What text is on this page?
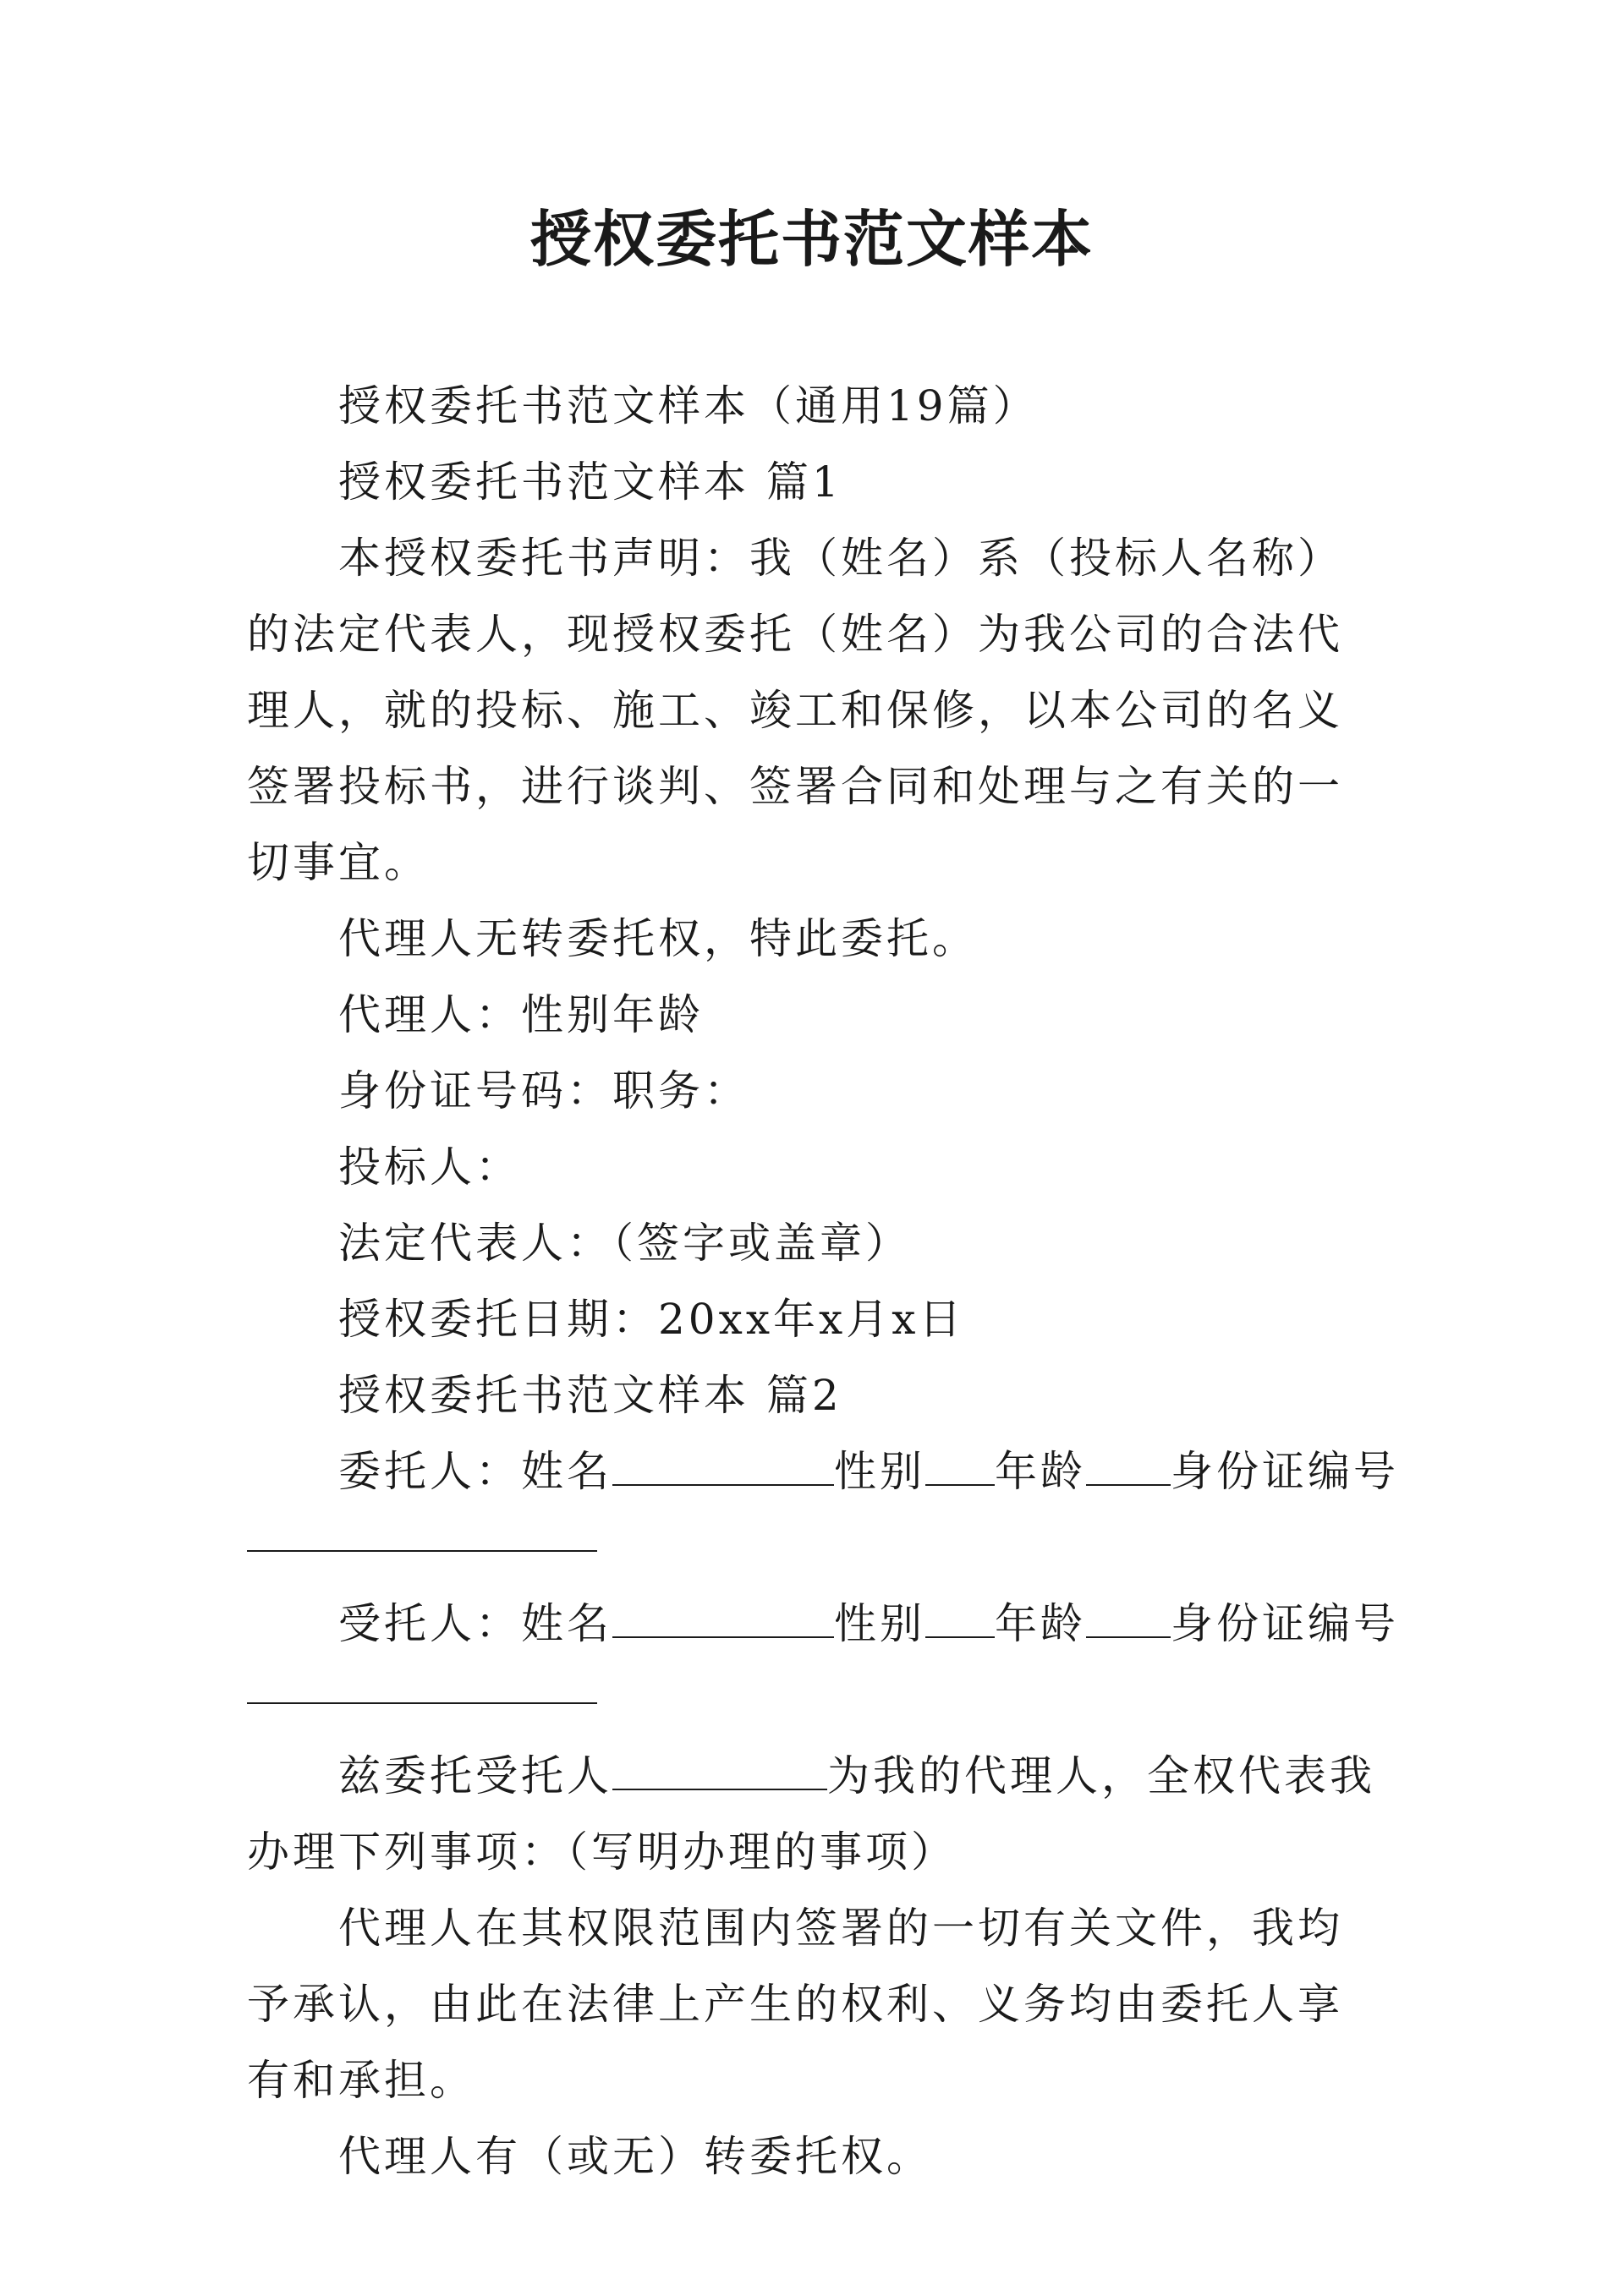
授权委托书范文样本

授权委托书范文样本（通用19篇）

授权委托书范文样本 篇1

本授权委托书声明：我（姓名）系（投标人名称）的法定代表人，现授权委托（姓名）为我公司的合法代理人，就的投标、施工、竣工和保修，以本公司的名义签署投标书，进行谈判、签署合同和处理与之有关的一切事宜。

代理人无转委托权，特此委托。

代理人：性别年龄

身份证号码：职务：

投标人：

法定代表人：（签字或盖章）

授权委托日期：20xx年x月x日

授权委托书范文样本 篇2

委托人：姓名	性别 年龄 身份证编号

受托人：姓名	性别 年龄 身份证编号

兹委托受托人	为我的代理人，全权代表我办理下列事项：（写明办理的事项）

代理人在其权限范围内签署的一切有关文件，我均予承认，由此在法律上产生的权利、义务均由委托人享有和承担。

代理人有（或无）转委托权。
